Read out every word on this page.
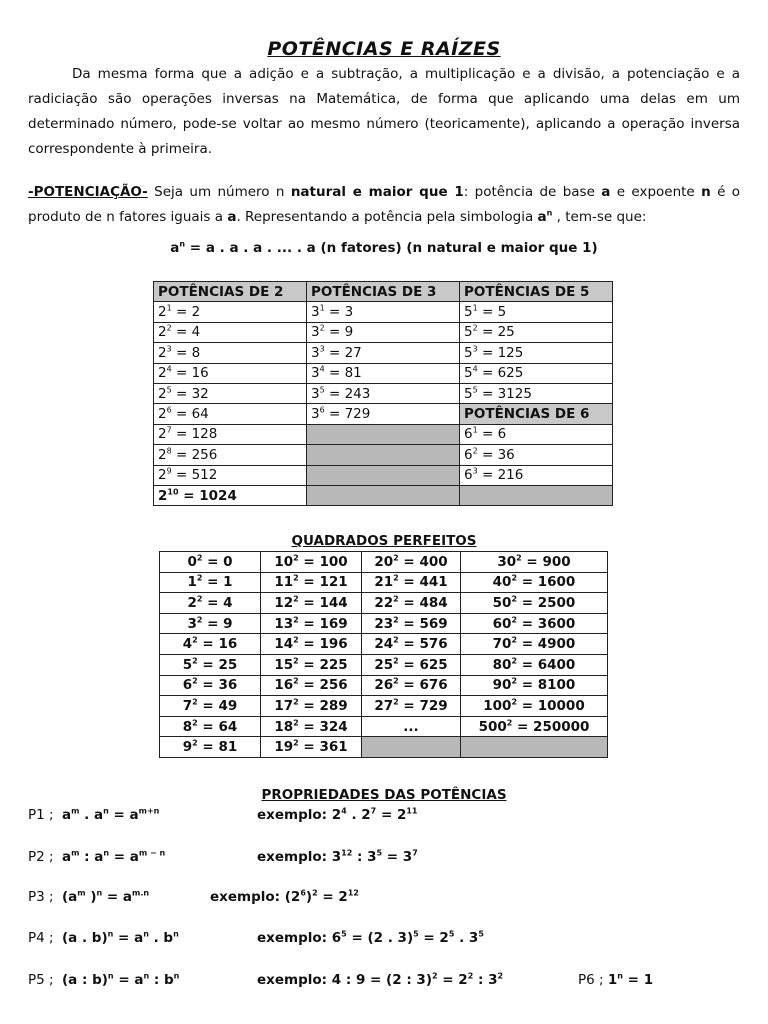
POTÊNCIAS E RAÍZES
Da mesma forma que a adição e a subtração, a multiplicação e a divisão, a potenciação e a radiciação são operações inversas na Matemática, de forma que aplicando uma delas em um determinado número, pode-se voltar ao mesmo número (teoricamente), aplicando a operação inversa correspondente à primeira.
-POTENCIAÇÃO- Seja um número n natural e maior que 1: potência de base a e expoente n é o produto de n fatores iguais a a. Representando a potência pela simbologia $a^n$ , tem-se que:
$a^n = a$ . a . a . ... . a (n fatores) (n natural e maior que 1)
POTÊNCIAS DE 2	POTÊNCIAS DE 3	POTÊNCIAS DE 5
$2^1 = 2$	$3^1 = 3$	$5^1 = 5$
$2^2 = 4$	$3^2 = 9$	$5^2 = 25$
$2^3 = 8$	$3^3 = 27$	$5^3 = 125$
$2^4 = 16$	$3^4 = 81$	$5^4 = 625$
$2^5 = 32$	$3^5 = 243$	$5^5 = 3125$
$2^6 = 64$	$3^6 = 729$	POTÊNCIAS DE 6
$2^7 = 128$		$6^1 = 6$
$2^8 = 256$		$6^2 = 36$
$2^9 = 512$		$6^3 = 216$
$2^{10} = 1024$		
QUADRADOS PERFEITOS
$0^2 = 0$	$10^2 = 100$	$20^2 = 400$	$30^2 = 900$
$1^2 = 1$	$11^2 = 121$	$21^2 = 441$	$40^2 = 1600$
$2^2 = 4$	$12^2 = 144$	$22^2 = 484$	$50^2 = 2500$
$3^2 = 9$	$13^2 = 169$	$23^2 = 569$	$60^2 = 3600$
$4^2 = 16$	$14^2 = 196$	$24^2 = 576$	$70^2 = 4900$
$5^2 = 25$	$15^2 = 225$	$25^2 = 625$	$80^2 = 6400$
$6^2 = 36$	$16^2 = 256$	$26^2 = 676$	$90^2 = 8100$
$7^2 = 49$	$17^2 = 289$	$27^2 = 729$	$100^2 = 10000$
$8^2 = 64$	$18^2 = 324$	...	$500^2 = 250000$
$9^2 = 81$	$19^2 = 361$		
PROPRIEDADES DAS POTÊNCIAS
P1 ; $a^m$ . $a^n = a^{m+n}$	exemplo: $2^4$ . $2^7 = 2^{11}$
P2 ; $a^m$ : $a^n = a^{m - n}$	exemplo: $3^{12}$ : $3^5 = 3^7$
P3 ; ($a^m$ )$^n = a^{m.n}$	exemplo: $(2^6)^2 = 2^{12}$
P4 ; (a . $b)^n = a^n$ . $b^n$	exemplo: $6^5 = (2$ . $3)^5 = 2^5$ . $3^5$
P5 ; (a : $b)^n = a^n$ : $b^n$	exemplo: 4 : 9 = (2 : $3)^2 = 2^2$ : $3^2$	P6 ; $1^n = 1$
